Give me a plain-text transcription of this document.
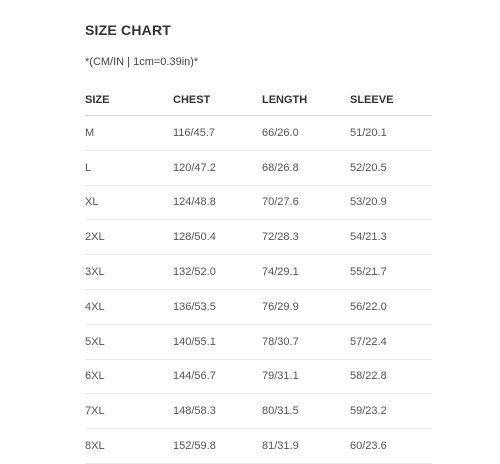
SIZE CHART
*(CM/IN | 1cm=0.39in)*
SIZE	CHEST	LENGTH	SLEEVE
M	116/45.7	66/26.0	51/20.1
L	120/47.2	68/26.8	52/20.5
XL	124/48.8	70/27.6	53/20.9
2XL	128/50.4	72/28.3	54/21.3
3XL	132/52.0	74/29.1	55/21.7
4XL	136/53.5	76/29.9	56/22.0
5XL	140/55.1	78/30.7	57/22.4
6XL	144/56.7	79/31.1	58/22.8
7XL	148/58.3	80/31.5	59/23.2
8XL	152/59.8	81/31.9	60/23.6
